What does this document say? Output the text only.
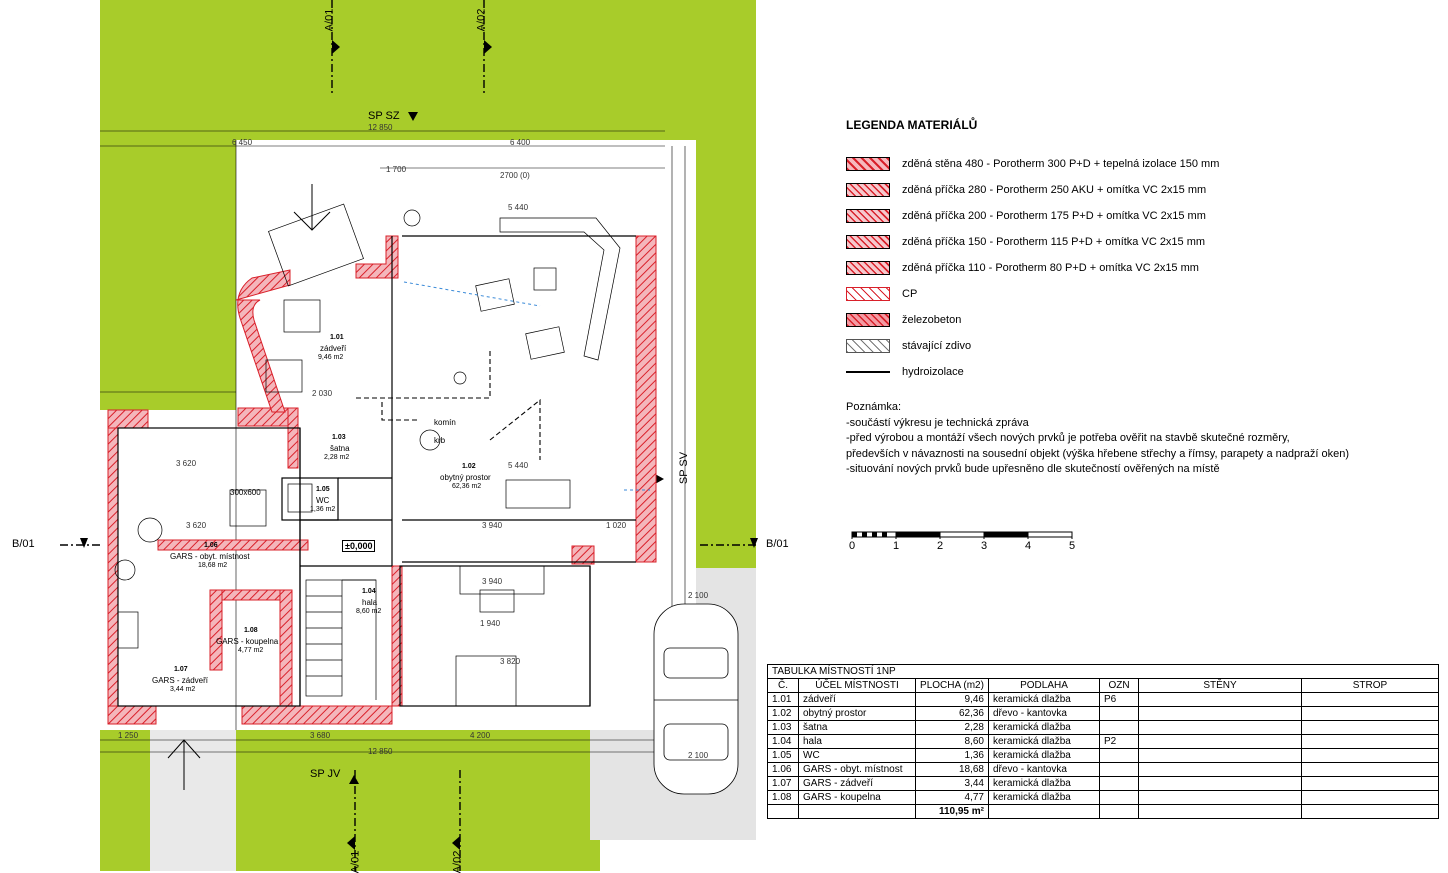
12 850
6 400
6 450
2700 (0)
5 440
5 440
3 620
3 620	3 940
3 940
1 020
1 940
3 820
2 100
2 100
1 250	3 680	4 200
12 850
1 700
2 030
A/01	A/02
A/01	A/02
B/01	B/01
SP SZ
SP JV
SP SV
1.01
zádveří
9,46 m2
1.02
obytný prostor
62,36 m2
1.03
šatna
2,28 m2
1.04
hala
8,60 m2
1.05
WC
1,36 m2
1.06
GARS - obyt. místnost
18,68 m2
1.07
GARS - zádveří
3,44 m2
1.08
GARS - koupelna
4,77 m2
komín
krb
±0,000
300x600
LEGENDA MATERIÁLŮ
zděná stěna 480 - Porotherm 300 P+D + tepelná izolace 150 mm
zděná příčka 280 - Porotherm 250 AKU + omítka VC 2x15 mm
zděná příčka 200 - Porotherm 175 P+D + omítka VC 2x15 mm
zděná příčka 150 - Porotherm 115 P+D + omítka VC 2x15 mm
zděná příčka 110 - Porotherm 80 P+D + omítka VC 2x15 mm
CP
železobeton
stávající zdivo
hydroizolace
Poznámka:
-součástí výkresu je technická zpráva
-před výrobou a montáží všech nových prvků je potřeba ověřit na stavbě skutečné rozměry,
předevších v návaznosti na sousední objekt (výška hřebene střechy a římsy, parapety a nadpraží oken)
-situování nových prvků bude upřesněno dle skutečností ověřených na místě
0	1	2	3	4	5
TABULKA MÍSTNOSTÍ 1NP						
Č.	ÚČEL MÍSTNOSTI	PLOCHA (m2)	PODLAHA	OZN	STĚNY	STROP
1.01	zádveří	9,46	keramická dlažba	P6		
1.02	obytný prostor	62,36	dřevo - kantovka			
1.03	šatna	2,28	keramická dlažba			
1.04	hala	8,60	keramická dlažba	P2		
1.05	WC	1,36	keramická dlažba			
1.06	GARS - obyt. místnost	18,68	dřevo - kantovka			
1.07	GARS - zádveří	3,44	keramická dlažba			
1.08	GARS - koupelna	4,77	keramická dlažba			
		110,95 m²				
